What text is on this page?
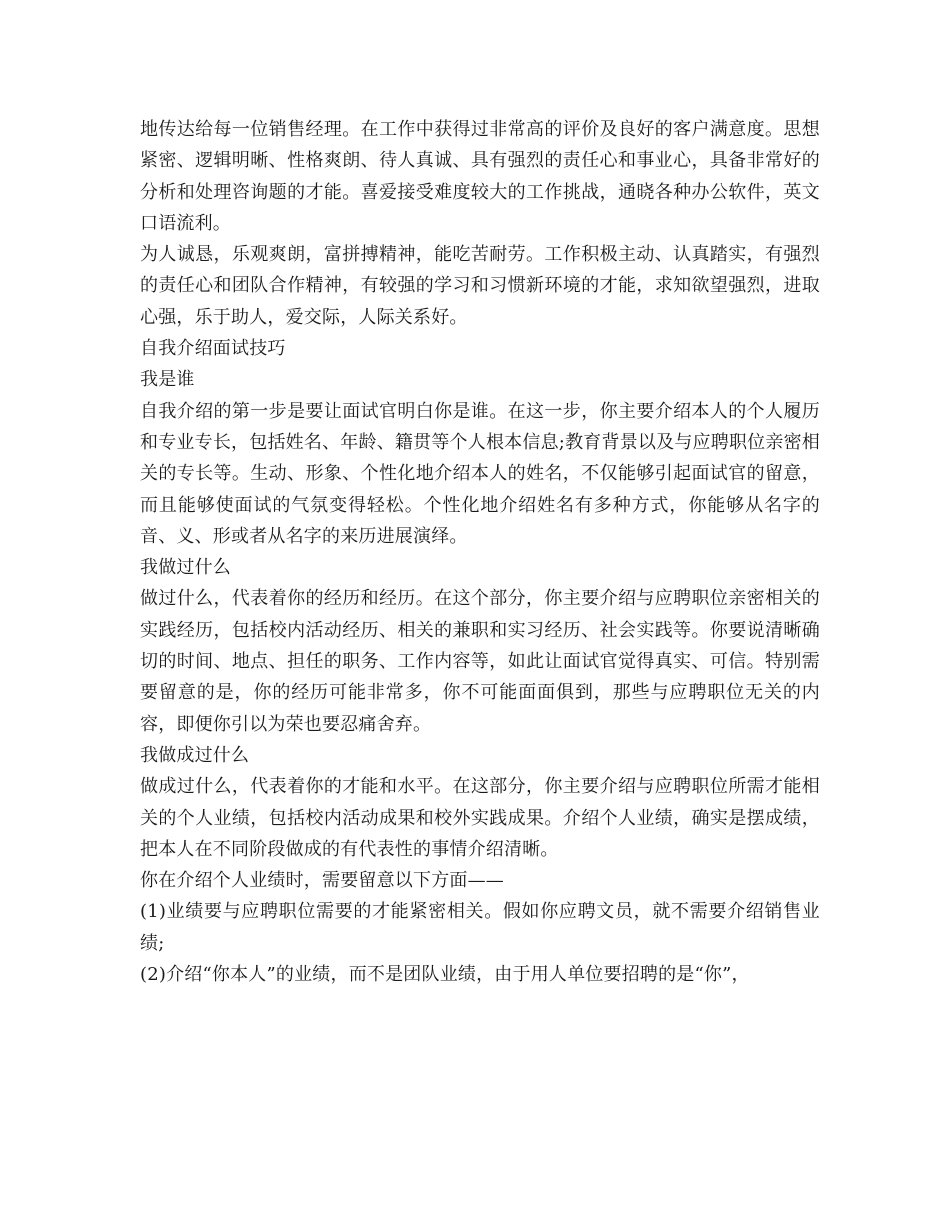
地传达给每一位销售经理。在工作中获得过非常高的评价及良好的客户满意度。思想紧密、逻辑明晰、性格爽朗、待人真诚、具有强烈的责任心和事业心，具备非常好的分析和处理咨询题的才能。喜爱接受难度较大的工作挑战，通晓各种办公软件，英文口语流利。

为人诚恳，乐观爽朗，富拼搏精神，能吃苦耐劳。工作积极主动、认真踏实，有强烈的责任心和团队合作精神，有较强的学习和习惯新环境的才能，求知欲望强烈，进取心强，乐于助人，爱交际，人际关系好。

自我介绍面试技巧

我是谁

自我介绍的第一步是要让面试官明白你是谁。在这一步，你主要介绍本人的个人履历和专业专长，包括姓名、年龄、籍贯等个人根本信息;教育背景以及与应聘职位亲密相关的专长等。生动、形象、个性化地介绍本人的姓名，不仅能够引起面试官的留意，而且能够使面试的气氛变得轻松。个性化地介绍姓名有多种方式，你能够从名字的音、义、形或者从名字的来历进展演绎。

我做过什么

做过什么，代表着你的经历和经历。在这个部分，你主要介绍与应聘职位亲密相关的实践经历，包括校内活动经历、相关的兼职和实习经历、社会实践等。你要说清晰确切的时间、地点、担任的职务、工作内容等，如此让面试官觉得真实、可信。特别需要留意的是，你的经历可能非常多，你不可能面面俱到，那些与应聘职位无关的内容，即便你引以为荣也要忍痛舍弃。

我做成过什么

做成过什么，代表着你的才能和水平。在这部分，你主要介绍与应聘职位所需才能相关的个人业绩，包括校内活动成果和校外实践成果。介绍个人业绩，确实是摆成绩，把本人在不同阶段做成的有代表性的事情介绍清晰。

你在介绍个人业绩时，需要留意以下方面——

(1)业绩要与应聘职位需要的才能紧密相关。假如你应聘文员，就不需要介绍销售业绩;

(2)介绍“你本人”的业绩，而不是团队业绩，由于用人单位要招聘的是“你”，
